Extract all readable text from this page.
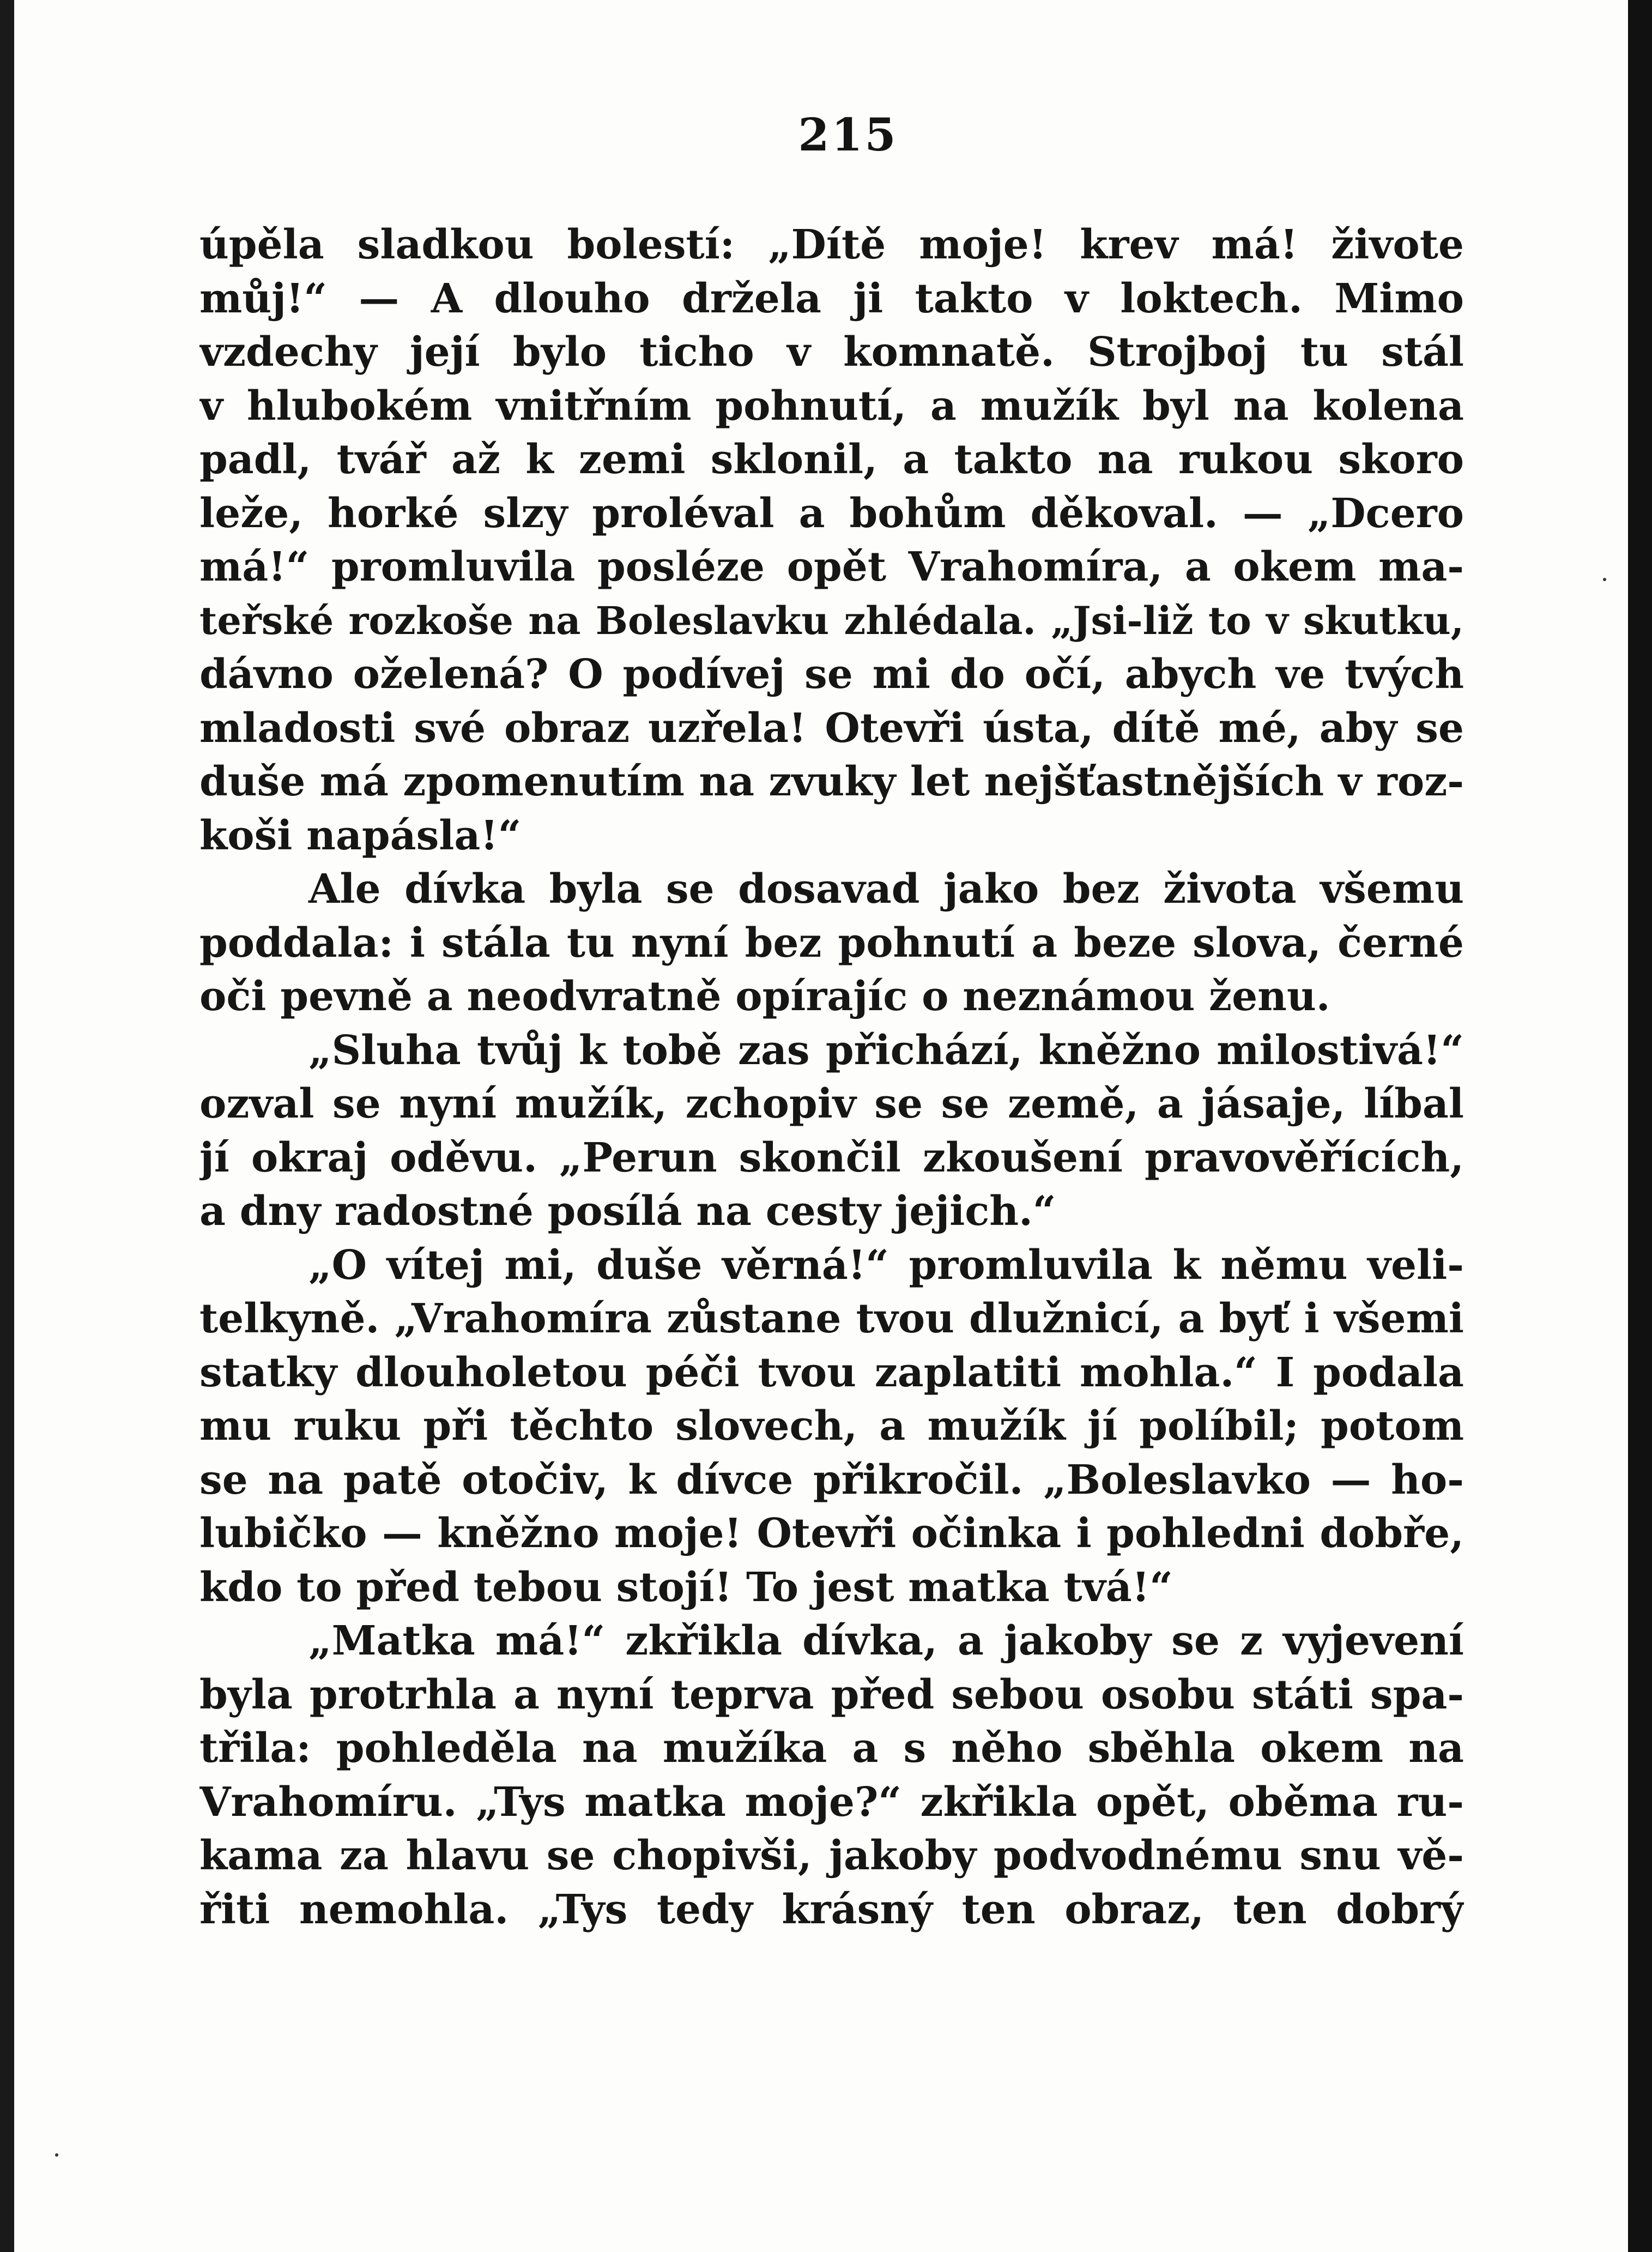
215
úpěla sladkou bolestí: „Dítě moje! krev má! živote
můj!“ — A dlouho držela ji takto v loktech. Mimo
vzdechy její bylo ticho v komnatě. Strojboj tu stál
v hlubokém vnitřním pohnutí, a mužík byl na kolena
padl, tvář až k zemi sklonil, a takto na rukou skoro
leže, horké slzy proléval a bohům děkoval. — „Dcero
má!“ promluvila posléze opět Vrahomíra, a okem ma-
teřské rozkoše na Boleslavku zhlédala. „Jsi-liž to v skutku,
dávno oželená? O podívej se mi do očí, abych ve tvých
mladosti své obraz uzřela! Otevři ústa, dítě mé, aby se
duše má zpomenutím na zvuky let nejšťastnějších v roz-
koši napásla!“
Ale dívka byla se dosavad jako bez života všemu
poddala: i stála tu nyní bez pohnutí a beze slova, černé
oči pevně a neodvratně opírajíc o neznámou ženu.
„Sluha tvůj k tobě zas přichází, kněžno milostivá!“
ozval se nyní mužík, zchopiv se se země, a jásaje, líbal
jí okraj oděvu. „Perun skončil zkoušení pravověřících,
a dny radostné posílá na cesty jejich.“
„O vítej mi, duše věrná!“ promluvila k němu veli-
telkyně. „Vrahomíra zůstane tvou dlužnicí, a byť i všemi
statky dlouholetou péči tvou zaplatiti mohla.“ I podala
mu ruku při těchto slovech, a mužík jí políbil; potom
se na patě otočiv, k dívce přikročil. „Boleslavko — ho-
lubičko — kněžno moje! Otevři očinka i pohledni dobře,
kdo to před tebou stojí! To jest matka tvá!“
„Matka má!“ zkřikla dívka, a jakoby se z vyjevení
byla protrhla a nyní teprva před sebou osobu státi spa-
třila: pohleděla na mužíka a s něho sběhla okem na
Vrahomíru. „Tys matka moje?“ zkřikla opět, oběma ru-
kama za hlavu se chopivši, jakoby podvodnému snu vě-
řiti nemohla. „Tys tedy krásný ten obraz, ten dobrý
